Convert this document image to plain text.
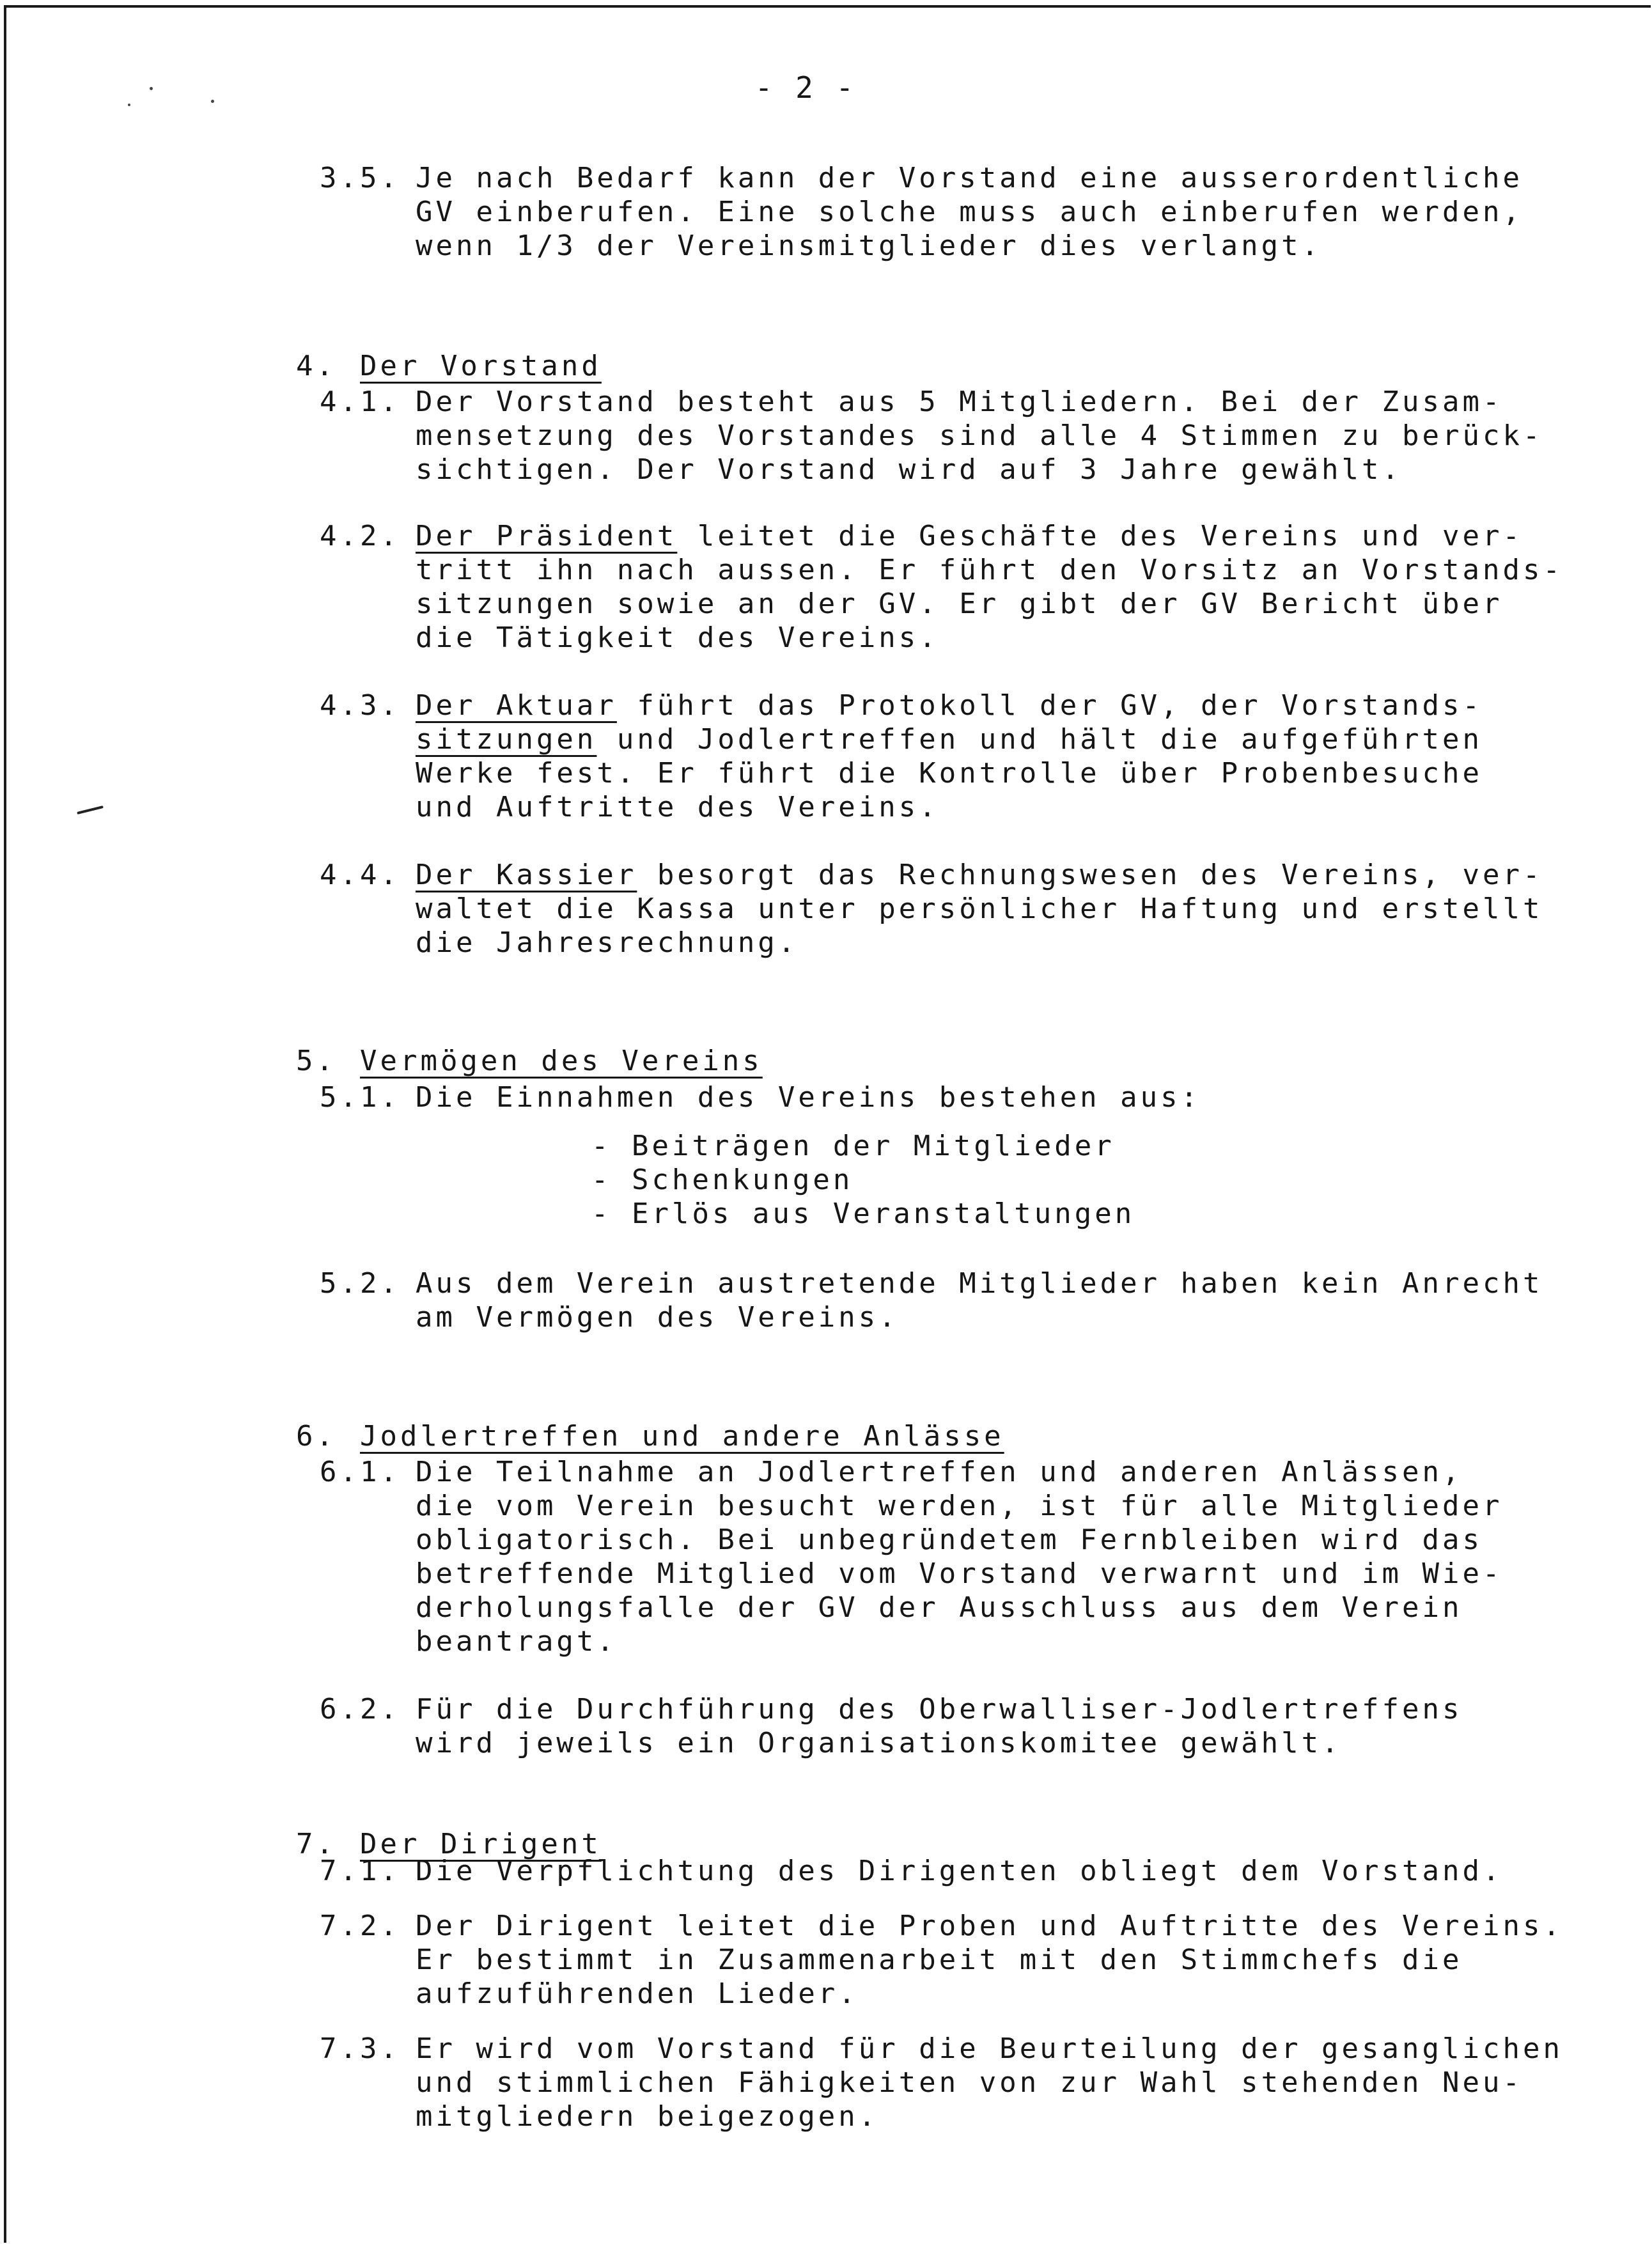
- 2 -
3.5. Je nach Bedarf kann der Vorstand eine ausserordentliche
GV einberufen. Eine solche muss auch einberufen werden,
wenn 1/3 der Vereinsmitglieder dies verlangt.

4. Der Vorstand

4.1. Der Vorstand besteht aus 5 Mitgliedern. Bei der Zusam-
mensetzung des Vorstandes sind alle 4 Stimmen zu berück-
sichtigen. Der Vorstand wird auf 3 Jahre gewählt.
4.2. Der Präsident leitet die Geschäfte des Vereins und ver-
tritt ihn nach aussen. Er führt den Vorsitz an Vorstands-
sitzungen sowie an der GV. Er gibt der GV Bericht über
die Tätigkeit des Vereins.
4.3. Der Aktuar führt das Protokoll der GV, der Vorstands-
sitzungen und Jodlertreffen und hält die aufgeführten
Werke fest. Er führt die Kontrolle über Probenbesuche
und Auftritte des Vereins.
4.4. Der Kassier besorgt das Rechnungswesen des Vereins, ver-
waltet die Kassa unter persönlicher Haftung und erstellt
die Jahresrechnung.

5. Vermögen des Vereins

5.1. Die Einnahmen des Vereins bestehen aus:
- Beiträgen der Mitglieder
- Schenkungen
- Erlös aus Veranstaltungen
5.2. Aus dem Verein austretende Mitglieder haben kein Anrecht
am Vermögen des Vereins.

6. Jodlertreffen und andere Anlässe

6.1. Die Teilnahme an Jodlertreffen und anderen Anlässen,
die vom Verein besucht werden, ist für alle Mitglieder
obligatorisch. Bei unbegründetem Fernbleiben wird das
betreffende Mitglied vom Vorstand verwarnt und im Wie-
derholungsfalle der GV der Ausschluss aus dem Verein
beantragt.
6.2. Für die Durchführung des Oberwalliser-Jodlertreffens
wird jeweils ein Organisationskomitee gewählt.

7. Der Dirigent

7.1. Die Verpflichtung des Dirigenten obliegt dem Vorstand.
7.2. Der Dirigent leitet die Proben und Auftritte des Vereins.
Er bestimmt in Zusammenarbeit mit den Stimmchefs die
aufzuführenden Lieder.
7.3. Er wird vom Vorstand für die Beurteilung der gesanglichen
und stimmlichen Fähigkeiten von zur Wahl stehenden Neu-
mitgliedern beigezogen.
